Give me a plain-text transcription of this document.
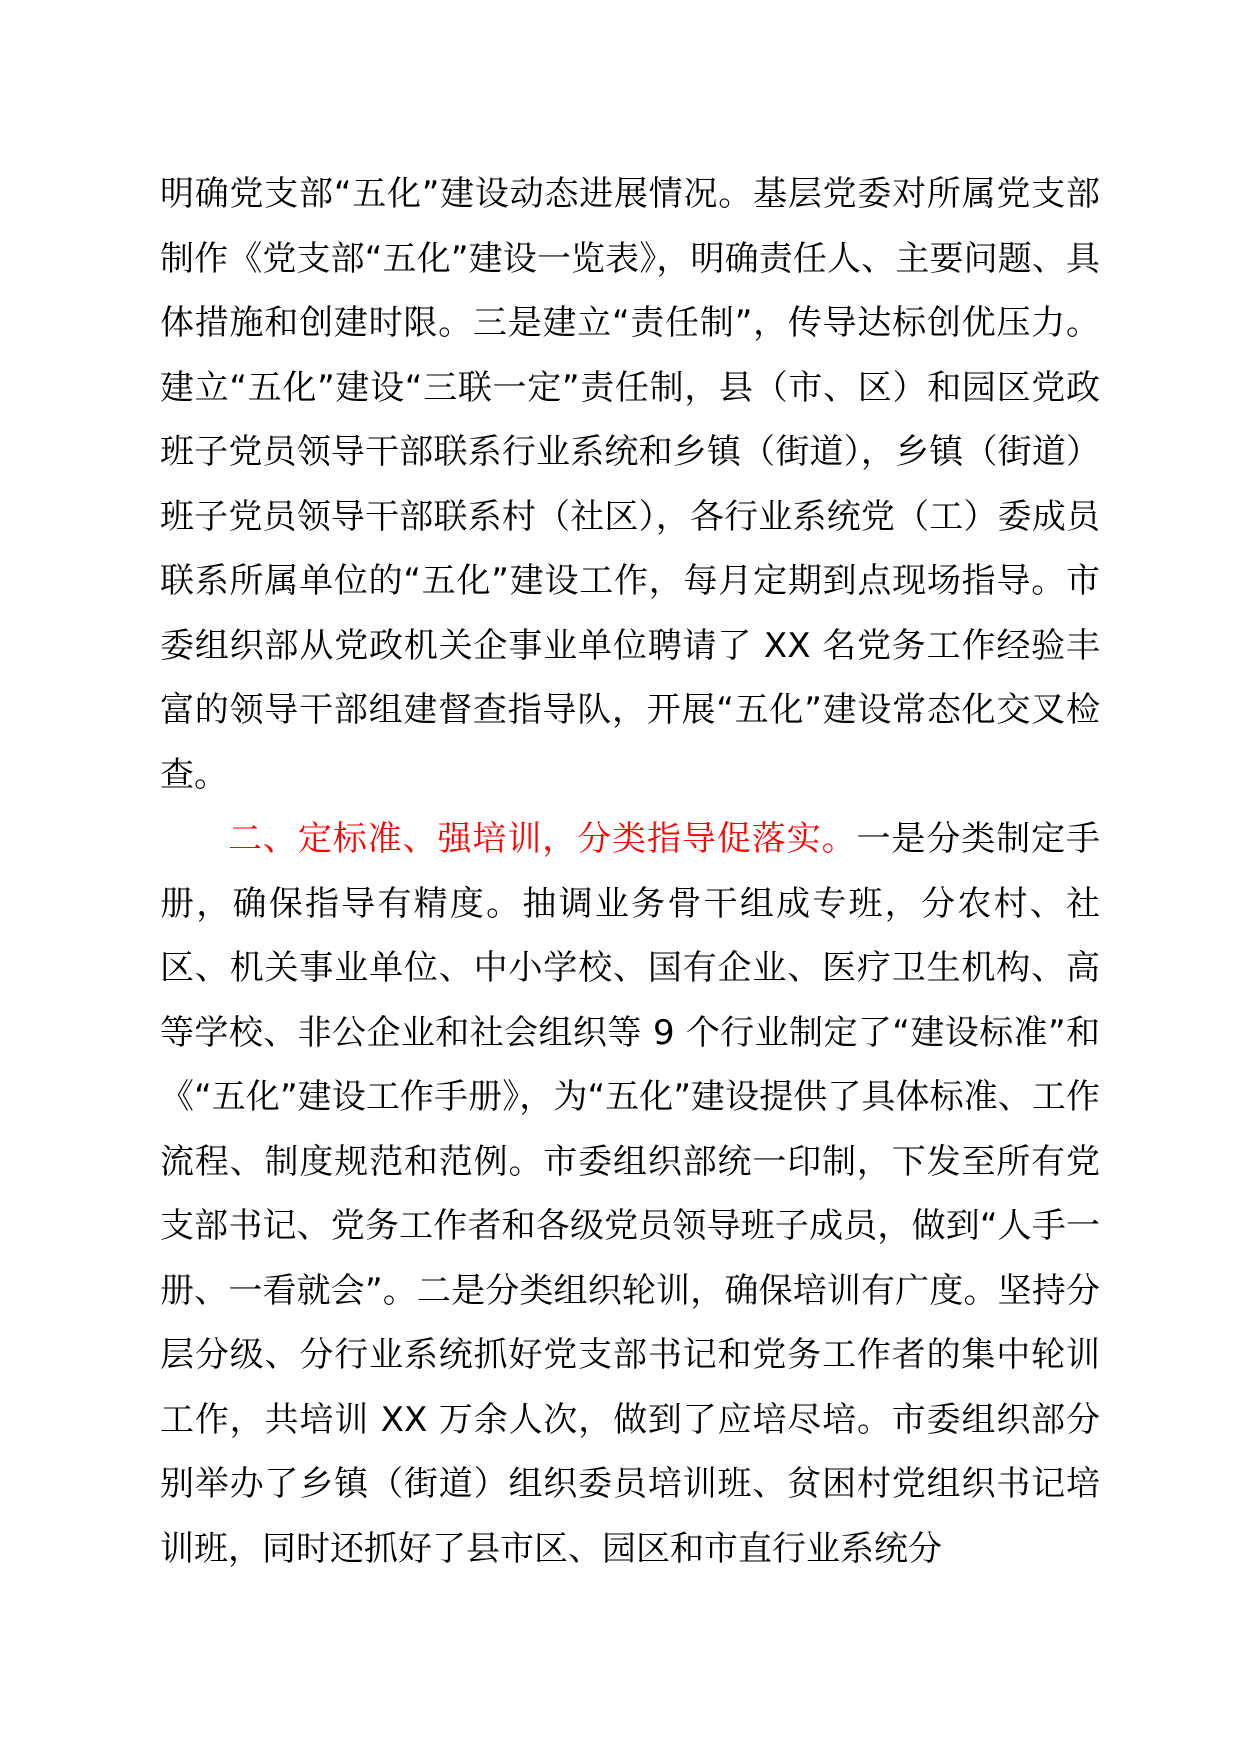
明确党支部“五化”建设动态进展情况。基层党委对所属党支部制作《党支部“五化”建设一览表》，明确责任人、主要问题、具体措施和创建时限。三是建立“责任制”，传导达标创优压力。建立“五化”建设“三联一定”责任制，县（市、区）和园区党政班子党员领导干部联系行业系统和乡镇（街道），乡镇（街道）班子党员领导干部联系村（社区），各行业系统党（工）委成员联系所属单位的“五化”建设工作，每月定期到点现场指导。市委组织部从党政机关企事业单位聘请了 XX 名党务工作经验丰富的领导干部组建督查指导队，开展“五化”建设常态化交叉检查。

二、定标准、强培训，分类指导促落实。一是分类制定手册，确保指导有精度。抽调业务骨干组成专班，分农村、社区、机关事业单位、中小学校、国有企业、医疗卫生机构、高等学校、非公企业和社会组织等 9 个行业制定了“建设标准”和《“五化”建设工作手册》，为“五化”建设提供了具体标准、工作流程、制度规范和范例。市委组织部统一印制，下发至所有党支部书记、党务工作者和各级党员领导班子成员，做到“人手一册、一看就会”。二是分类组织轮训，确保培训有广度。坚持分层分级、分行业系统抓好党支部书记和党务工作者的集中轮训工作，共培训 XX 万余人次，做到了应培尽培。市委组织部分别举办了乡镇（街道）组织委员培训班、贫困村党组织书记培训班，同时还抓好了县市区、园区和市直行业系统分
